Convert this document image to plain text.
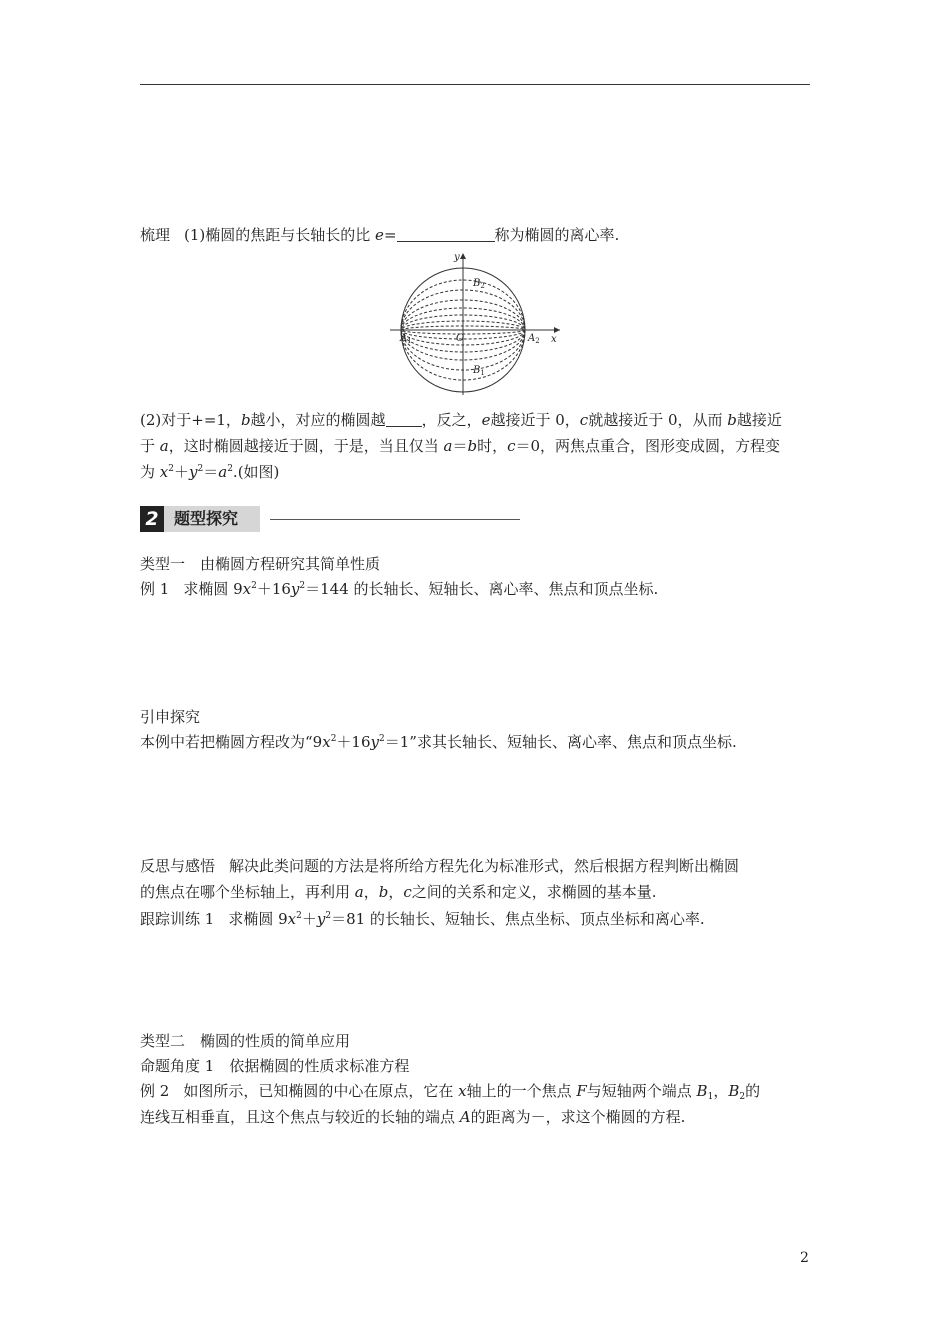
梳理 (1)椭圆的焦距与长轴长的比 e=	称为椭圆的离心率.
y
x
O
$A_1$	$A_2$
$B_2$
$B_1$
(2)对于+=1，b越小，对应的椭圆越 ，反之，e越接近于 0，c就越接近于 0，从而 b越接近
于 a，这时椭圆越接近于圆，于是，当且仅当 a＝b时，c＝0，两焦点重合，图形变成圆，方程变
为 $x^2+y^2=a^2$.(如图)
2 题型探究
类型一　由椭圆方程研究其简单性质
例 1 求椭圆 $9x^2+16y^2=144$ 的长轴长、短轴长、离心率、焦点和顶点坐标.
引申探究
本例中若把椭圆方程改为“$9x^2+16y^2=1$”求其长轴长、短轴长、离心率、焦点和顶点坐标.
反思与感悟 解决此类问题的方法是将所给方程先化为标准形式，然后根据方程判断出椭圆
的焦点在哪个坐标轴上，再利用 a，b，c之间的关系和定义，求椭圆的基本量.
跟踪训练 1 求椭圆 $9x^2+y^2=81$ 的长轴长、短轴长、焦点坐标、顶点坐标和离心率.
类型二　椭圆的性质的简单应用
命题角度 1　依据椭圆的性质求标准方程
例 2 如图所示，已知椭圆的中心在原点，它在 x轴上的一个焦点 F与短轴两个端点 $B_1$，$B_2$的
连线互相垂直，且这个焦点与较近的长轴的端点 A的距离为－，求这个椭圆的方程.
2
